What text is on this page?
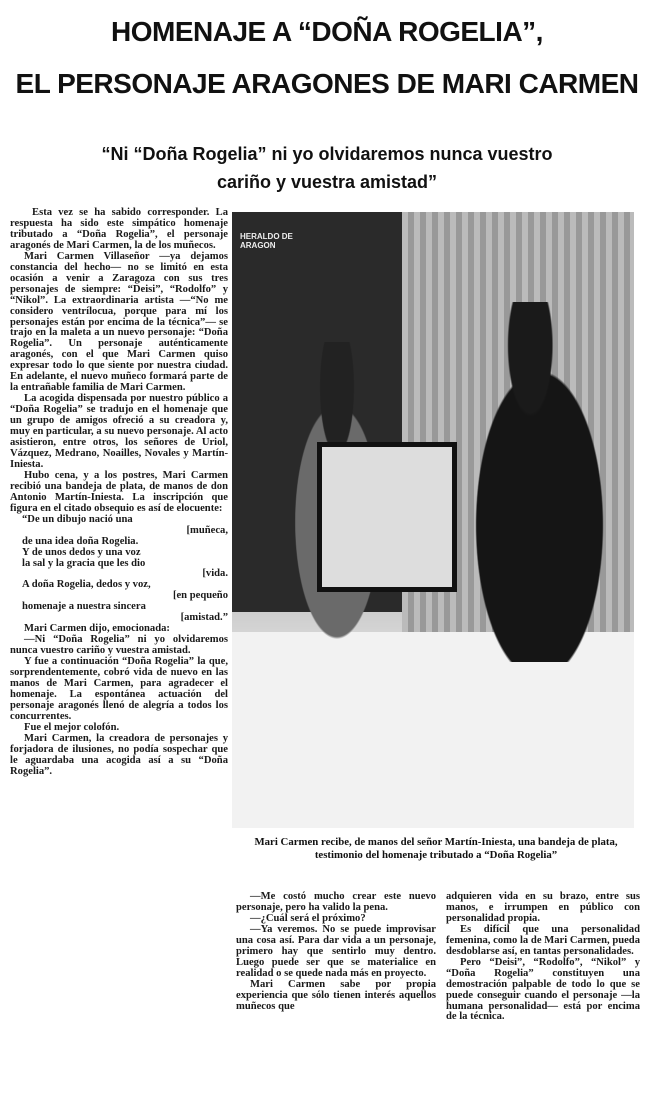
HOMENAJE A “DOÑA ROGELIA”,
EL PERSONAJE ARAGONES DE MARI CARMEN
“Ni “Doña Rogelia” ni yo olvidaremos nunca vuestro
cariño y vuestra amistad”

Esta vez se ha sabido corresponder. La respuesta ha sido este simpático homenaje tributado a “Doña Rogelia”, el personaje aragonés de Mari Carmen, la de los muñecos.

Mari Carmen Villaseñor —ya dejamos constancia del hecho— no se limitó en esta ocasión a venir a Zaragoza con sus tres personajes de siempre: “Deisi”, “Rodolfo” y “Nikol”. La extraordinaria artista —“No me considero ventrílocua, porque para mí los personajes están por encima de la técnica”— se trajo en la maleta a un nuevo personaje: “Doña Rogelia”. Un personaje auténticamente aragonés, con el que Mari Carmen quiso expresar todo lo que siente por nuestra ciudad. En adelante, el nuevo muñeco formará parte de la entrañable familia de Mari Carmen.

La acogida dispensada por nuestro público a “Doña Rogelia” se tradujo en el homenaje que un grupo de amigos ofreció a su creadora y, muy en particular, a su nuevo personaje. Al acto asistieron, entre otros, los señores de Uriol, Vázquez, Medrano, Noailles, Novales y Martín-Iniesta.

Hubo cena, y a los postres, Mari Carmen recibió una bandeja de plata, de manos de don Antonio Martín-Iniesta. La inscripción que figura en el citado obsequio es así de elocuente:

“De un dibujo nació una
[muñeca,
de una idea doña Rogelia.
Y de unos dedos y una voz
la sal y la gracia que les dio
[vida.
A doña Rogelia, dedos y voz,
[en pequeño
homenaje a nuestra sincera
[amistad.”

Mari Carmen dijo, emocionada:

—Ni “Doña Rogelia” ni yo olvidaremos nunca vuestro cariño y vuestra amistad.

Y fue a continuación “Doña Rogelia” la que, sorprendentemente, cobró vida de nuevo en las manos de Mari Carmen, para agradecer el homenaje. La espontánea actuación del personaje aragonés llenó de alegría a todos los concurrentes.

Fue el mejor colofón.

Mari Carmen, la creadora de personajes y forjadora de ilusiones, no podía sospechar que le aguardaba una acogida así a su “Doña Rogelia”.

HERALDO DE ARAGON
Mari Carmen recibe, de manos del señor Martín-Iniesta, una bandeja de plata, testimonio del homenaje tributado a “Doña Rogelia”

—Me costó mucho crear este nuevo personaje, pero ha valido la pena.

—¿Cuál será el próximo?

—Ya veremos. No se puede improvisar una cosa así. Para dar vida a un personaje, primero hay que sentirlo muy dentro. Luego puede ser que se materialice en realidad o se quede nada más en proyecto.

Mari Carmen sabe por propia experiencia que sólo tienen interés aquellos muñecos que

adquieren vida en su brazo, entre sus manos, e irrumpen en público con personalidad propia.

Es difícil que una personalidad femenina, como la de Mari Carmen, pueda desdoblarse así, en tantas personalidades.

Pero “Deisi”, “Rodolfo”, “Nikol” y “Doña Rogelia” constituyen una demostración palpable de todo lo que se puede conseguir cuando el personaje —la humana personalidad— está por encima de la técnica.
